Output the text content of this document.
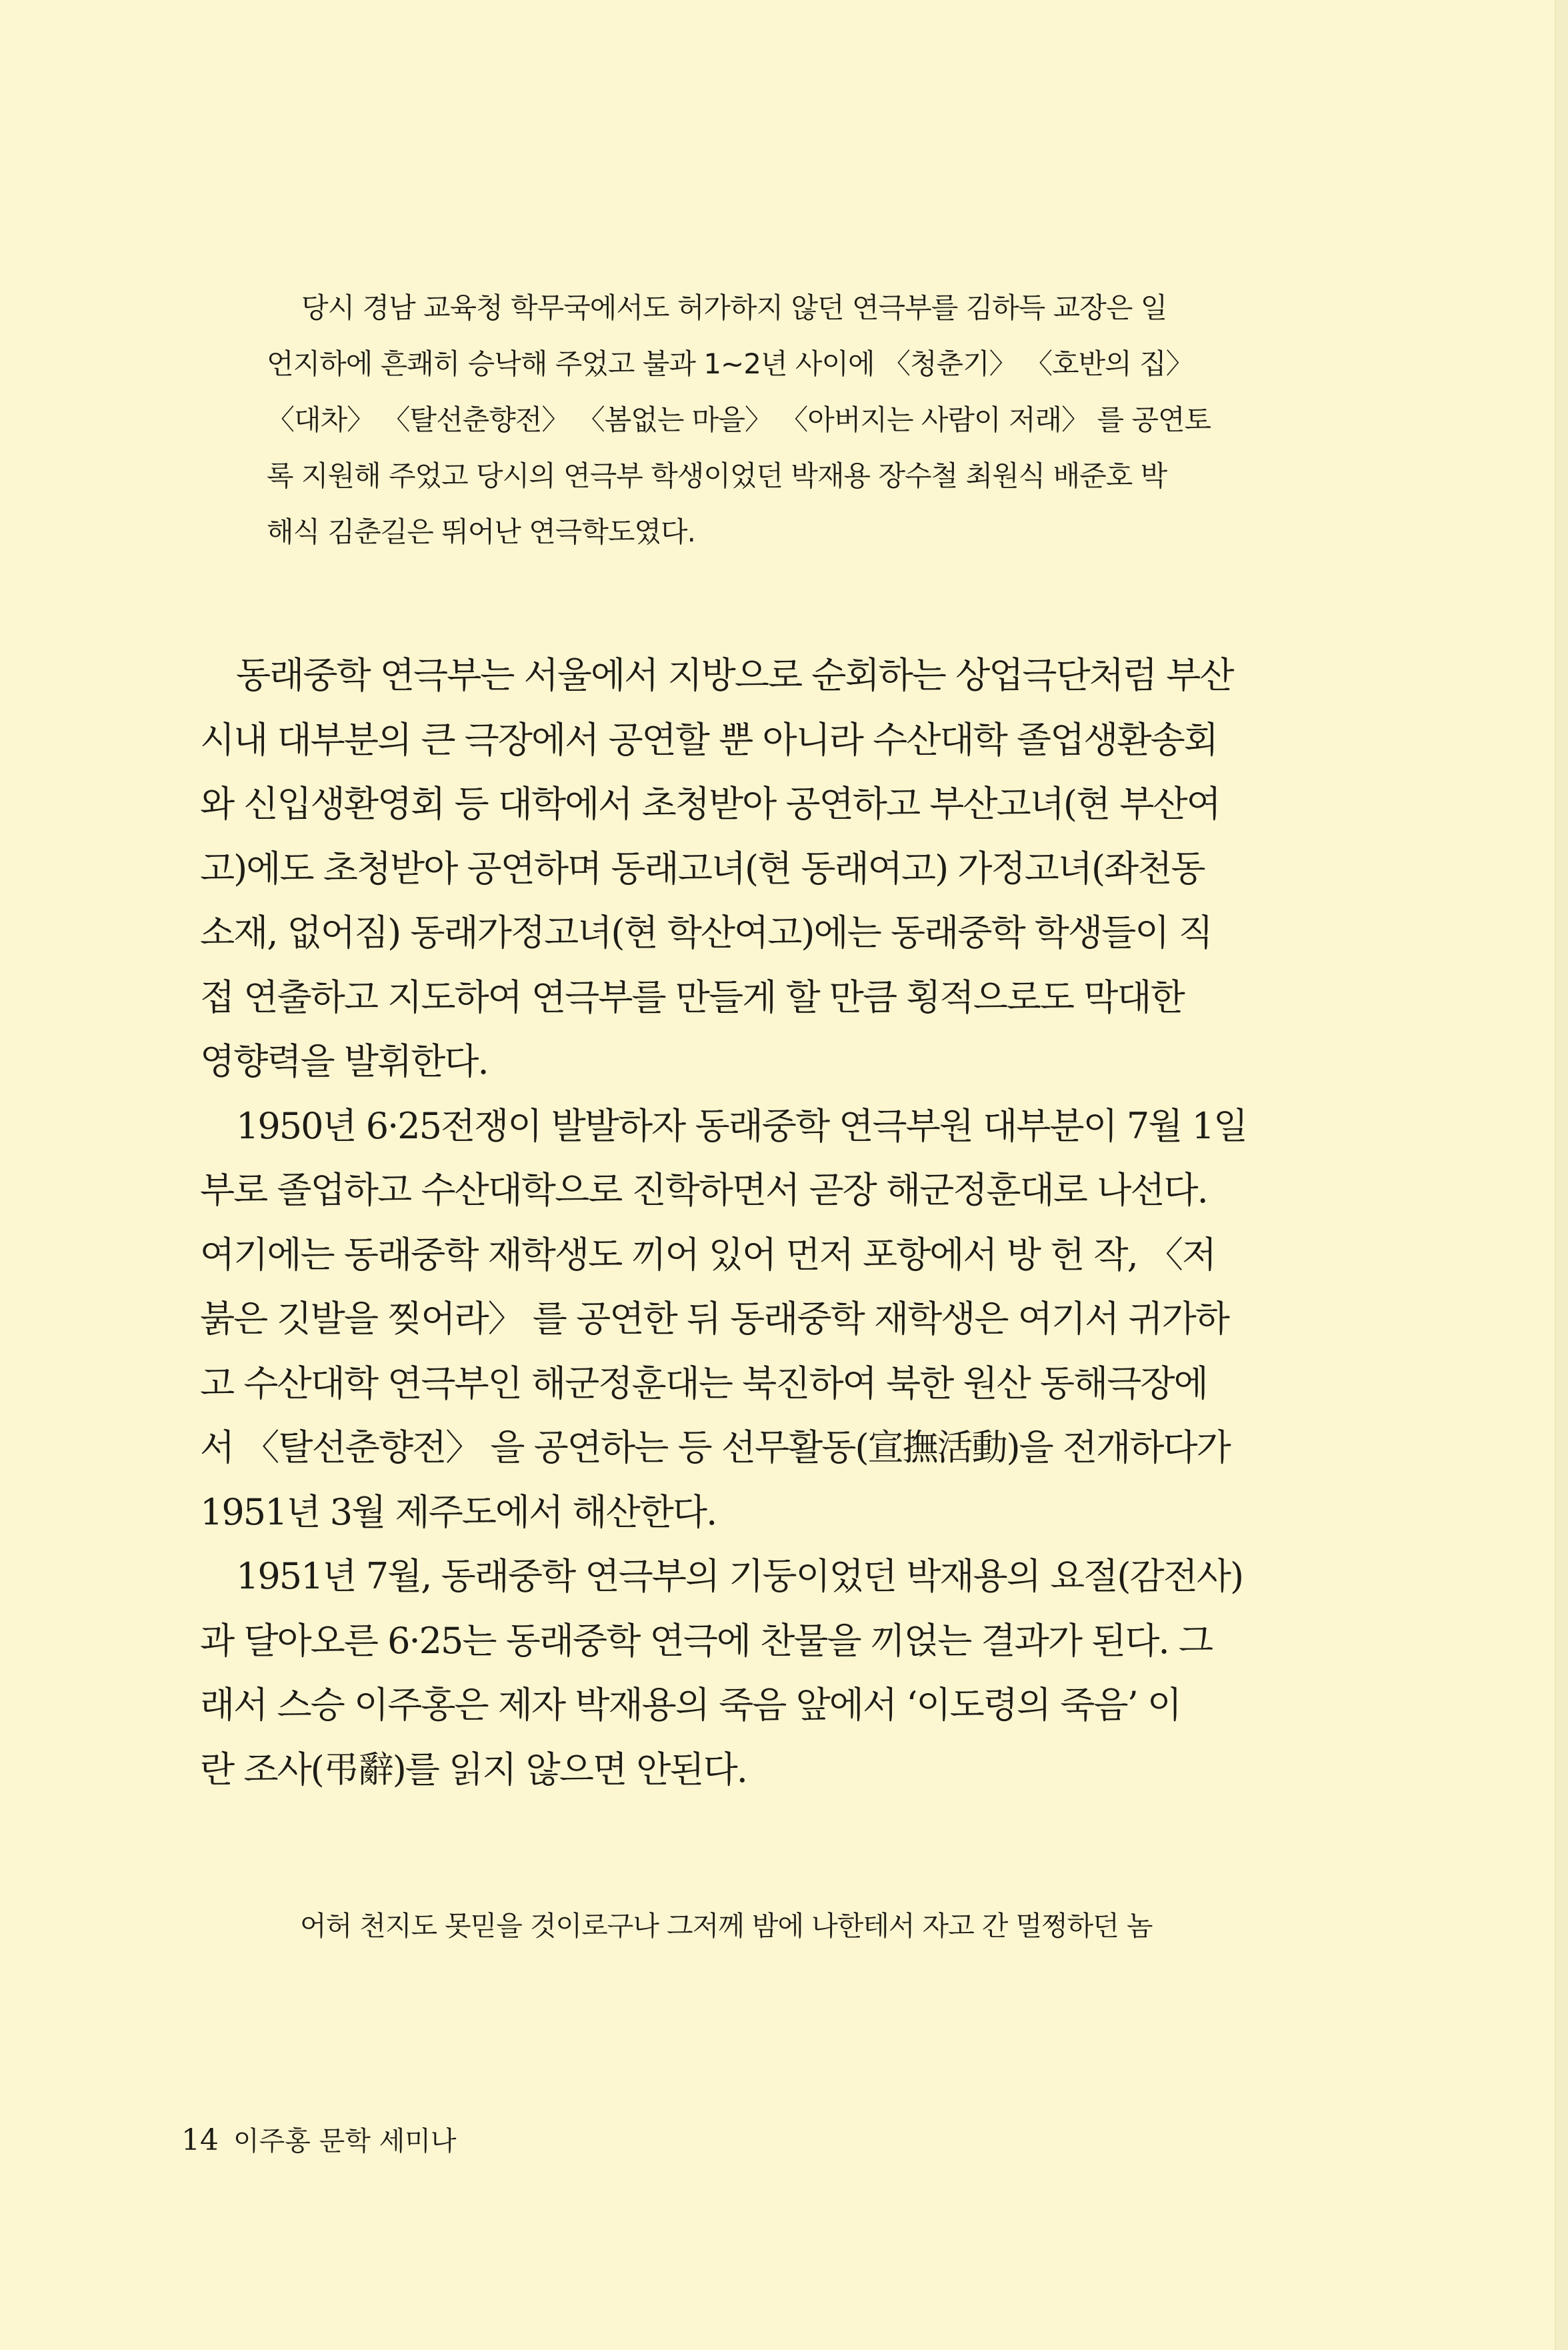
당시 경남 교육청 학무국에서도 허가하지 않던 연극부를 김하득 교장은 일
언지하에 흔쾌히 승낙해 주었고 불과 1~2년 사이에 〈청춘기〉 〈호반의 집〉
〈대차〉 〈탈선춘향전〉 〈봄없는 마을〉 〈아버지는 사람이 저래〉 를 공연토
록 지원해 주었고 당시의 연극부 학생이었던 박재용 장수철 최원식 배준호 박
해식 김춘길은 뛰어난 연극학도였다.
동래중학 연극부는 서울에서 지방으로 순회하는 상업극단처럼 부산
시내 대부분의 큰 극장에서 공연할 뿐 아니라 수산대학 졸업생환송회
와 신입생환영회 등 대학에서 초청받아 공연하고 부산고녀(현 부산여
고)에도 초청받아 공연하며 동래고녀(현 동래여고) 가정고녀(좌천동
소재, 없어짐) 동래가정고녀(현 학산여고)에는 동래중학 학생들이 직
접 연출하고 지도하여 연극부를 만들게 할 만큼 횡적으로도 막대한
영향력을 발휘한다.
1950년 6·25전쟁이 발발하자 동래중학 연극부원 대부분이 7월 1일
부로 졸업하고 수산대학으로 진학하면서 곧장 해군정훈대로 나선다.
여기에는 동래중학 재학생도 끼어 있어 먼저 포항에서 방 헌 작, 〈저
붉은 깃발을 찢어라〉 를 공연한 뒤 동래중학 재학생은 여기서 귀가하
고 수산대학 연극부인 해군정훈대는 북진하여 북한 원산 동해극장에
서 〈탈선춘향전〉 을 공연하는 등 선무활동(宣撫活動)을 전개하다가
1951년 3월 제주도에서 해산한다.
1951년 7월, 동래중학 연극부의 기둥이었던 박재용의 요절(감전사)
과 달아오른 6·25는 동래중학 연극에 찬물을 끼얹는 결과가 된다. 그
래서 스승 이주홍은 제자 박재용의 죽음 앞에서 ‘이도령의 죽음’ 이
란 조사(弔辭)를 읽지 않으면 안된다.
어허 천지도 못믿을 것이로구나 그저께 밤에 나한테서 자고 간 멀쩡하던 놈
14 이주홍 문학 세미나
